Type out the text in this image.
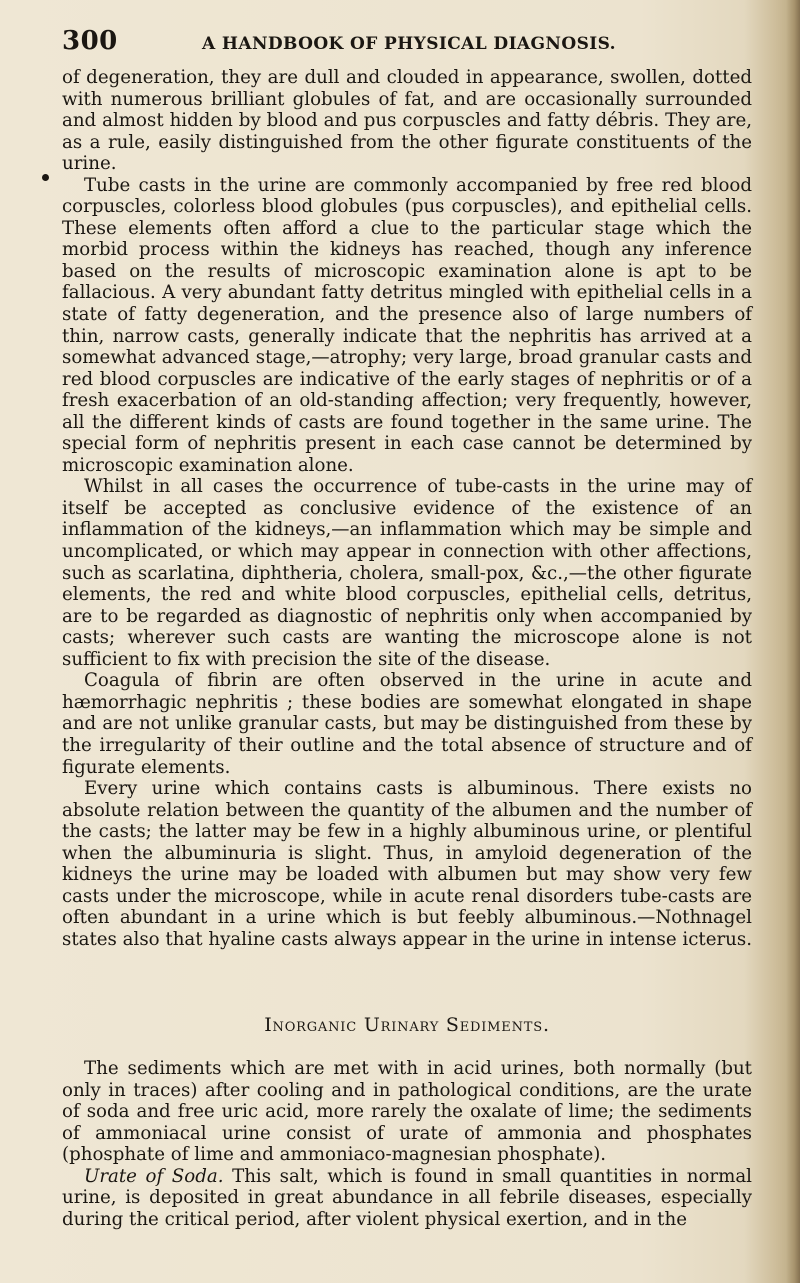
300	A HANDBOOK OF PHYSICAL DIAGNOSIS.

of degeneration, they are dull and clouded in appearance, swollen, dotted with numerous brilliant globules of fat, and are occasionally surrounded and almost hidden by blood and pus corpuscles and fatty débris. They are, as a rule, easily distinguished from the other figurate constituents of the urine.

Tube casts in the urine are commonly accompanied by free red blood corpuscles, colorless blood globules (pus corpuscles), and epithelial cells. These elements often afford a clue to the particular stage which the morbid process within the kidneys has reached, though any inference based on the results of microscopic examination alone is apt to be fallacious. A very abundant fatty detritus mingled with epithelial cells in a state of fatty degeneration, and the presence also of large numbers of thin, narrow casts, generally indicate that the nephritis has arrived at a somewhat advanced stage,—atrophy; very large, broad granular casts and red blood corpuscles are indicative of the early stages of nephritis or of a fresh exacerbation of an old-standing affection; very frequently, however, all the different kinds of casts are found together in the same urine. The special form of nephritis present in each case cannot be determined by microscopic examination alone.

Whilst in all cases the occurrence of tube-casts in the urine may of itself be accepted as conclusive evidence of the existence of an inflammation of the kidneys,—an inflammation which may be simple and uncomplicated, or which may appear in connection with other affections, such as scarlatina, diphtheria, cholera, small-pox, &c.,—the other figurate elements, the red and white blood corpuscles, epithelial cells, detritus, are to be regarded as diagnostic of nephritis only when accompanied by casts; wherever such casts are wanting the microscope alone is not sufficient to fix with precision the site of the disease.

Coagula of fibrin are often observed in the urine in acute and hæmorrhagic nephritis ; these bodies are somewhat elongated in shape and are not unlike granular casts, but may be distinguished from these by the irregularity of their outline and the total absence of structure and of figurate elements.

Every urine which contains casts is albuminous. There exists no absolute relation between the quantity of the albumen and the number of the casts; the latter may be few in a highly albuminous urine, or plentiful when the albuminuria is slight. Thus, in amyloid degeneration of the kidneys the urine may be loaded with albumen but may show very few casts under the microscope, while in acute renal disorders tube-casts are often abundant in a urine which is but feebly albuminous.—Nothnagel states also that hyaline casts always appear in the urine in intense icterus.

Inorganic Urinary Sediments.

The sediments which are met with in acid urines, both normally (but only in traces) after cooling and in pathological conditions, are the urate of soda and free uric acid, more rarely the oxalate of lime; the sediments of ammoniacal urine consist of urate of ammonia and phosphates (phosphate of lime and ammoniaco-magnesian phosphate).

Urate of Soda. This salt, which is found in small quantities in normal urine, is deposited in great abundance in all febrile diseases, especially during the critical period, after violent physical exertion, and in the
